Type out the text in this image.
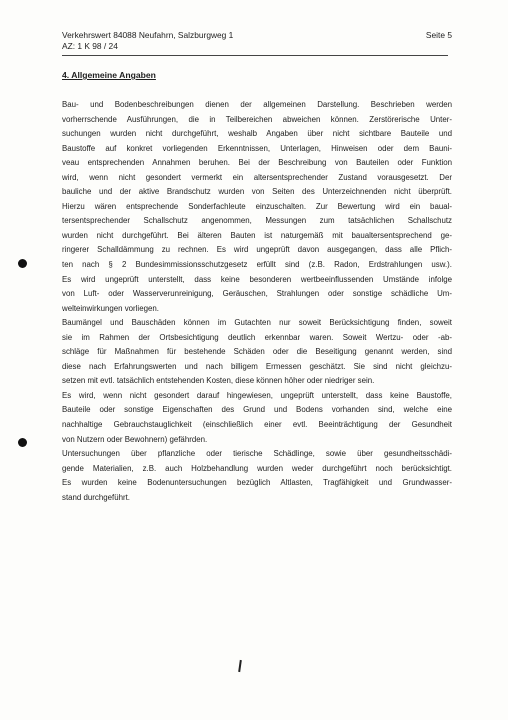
Verkehrswert 84088 Neufahrn, Salzburgweg 1	Seite 5
AZ: 1 K 98 / 24
4. Allgemeine Angaben
Bau- und Bodenbeschreibungen dienen der allgemeinen Darstellung. Beschrieben werden
vorherrschende Ausführungen, die in Teilbereichen abweichen können. Zerstörerische Unter-
suchungen wurden nicht durchgeführt, weshalb Angaben über nicht sichtbare Bauteile und
Baustoffe auf konkret vorliegenden Erkenntnissen, Unterlagen, Hinweisen oder dem Bauni-
veau entsprechenden Annahmen beruhen. Bei der Beschreibung von Bauteilen oder Funktion
wird, wenn nicht gesondert vermerkt ein altersentsprechender Zustand vorausgesetzt. Der
bauliche und der aktive Brandschutz wurden von Seiten des Unterzeichnenden nicht überprüft.
Hierzu wären entsprechende Sonderfachleute einzuschalten. Zur Bewertung wird ein baual-
tersentsprechender Schallschutz angenommen, Messungen zum tatsächlichen Schallschutz
wurden nicht durchgeführt. Bei älteren Bauten ist naturgemäß mit baualtersentsprechend ge-
ringerer Schalldämmung zu rechnen. Es wird ungeprüft davon ausgegangen, dass alle Pflich-
ten nach § 2 Bundesimmissionsschutzgesetz erfüllt sind (z.B. Radon, Erdstrahlungen usw.).
Es wird ungeprüft unterstellt, dass keine besonderen wertbeeinflussenden Umstände infolge
von Luft- oder Wasserverunreinigung, Geräuschen, Strahlungen oder sonstige schädliche Um-
welteinwirkungen vorliegen.
Baumängel und Bauschäden können im Gutachten nur soweit Berücksichtigung finden, soweit
sie im Rahmen der Ortsbesichtigung deutlich erkennbar waren. Soweit Wertzu- oder -ab-
schläge für Maßnahmen für bestehende Schäden oder die Beseitigung genannt werden, sind
diese nach Erfahrungswerten und nach billigem Ermessen geschätzt. Sie sind nicht gleichzu-
setzen mit evtl. tatsächlich entstehenden Kosten, diese können höher oder niedriger sein.
Es wird, wenn nicht gesondert darauf hingewiesen, ungeprüft unterstellt, dass keine Baustoffe,
Bauteile oder sonstige Eigenschaften des Grund und Bodens vorhanden sind, welche eine
nachhaltige Gebrauchstauglichkeit (einschließlich einer evtl. Beeinträchtigung der Gesundheit
von Nutzern oder Bewohnern) gefährden.
Untersuchungen über pflanzliche oder tierische Schädlinge, sowie über gesundheitsschädi-
gende Materialien, z.B. auch Holzbehandlung wurden weder durchgeführt noch berücksichtigt.
Es wurden keine Bodenuntersuchungen bezüglich Altlasten, Tragfähigkeit und Grundwasser-
stand durchgeführt.
